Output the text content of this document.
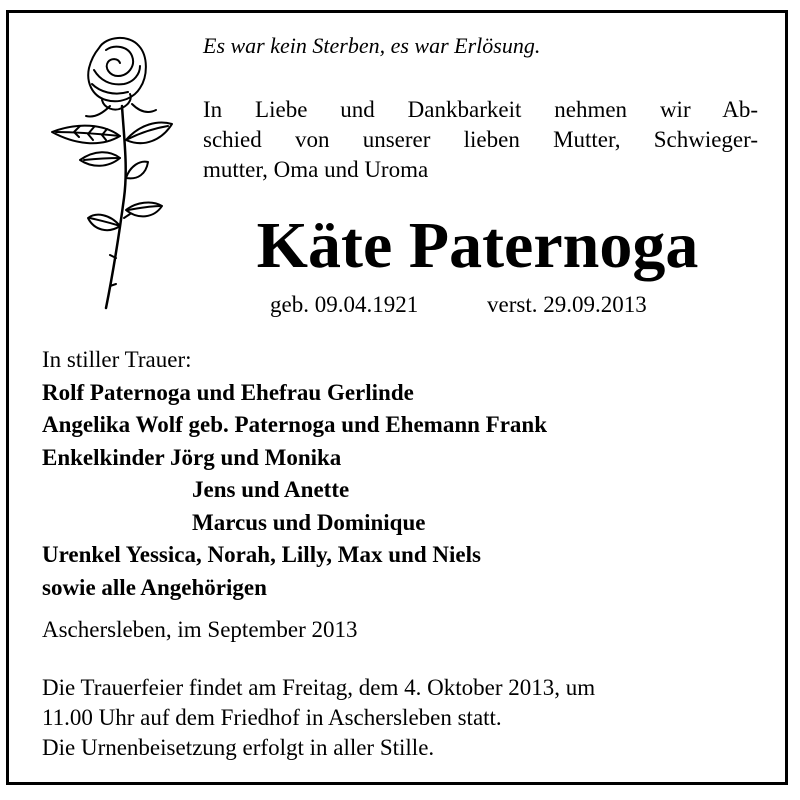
Es war kein Sterben, es war Erlösung.
In Liebe und Dankbarkeit nehmen wir Ab-
schied von unserer lieben Mutter, Schwieger-
mutter, Oma und Uroma
Käte Paternoga
geb. 09.04.1921	verst. 29.09.2013
In stiller Trauer:
Rolf Paternoga und Ehefrau Gerlinde
Angelika Wolf geb. Paternoga und Ehemann Frank
Enkelkinder Jörg und Monika
Jens und Anette
Marcus und Dominique
Urenkel Yessica, Norah, Lilly, Max und Niels
sowie alle Angehörigen
Aschersleben, im September 2013
Die Trauerfeier findet am Freitag, dem 4. Oktober 2013, um
11.00 Uhr auf dem Friedhof in Aschersleben statt.
Die Urnenbeisetzung erfolgt in aller Stille.
